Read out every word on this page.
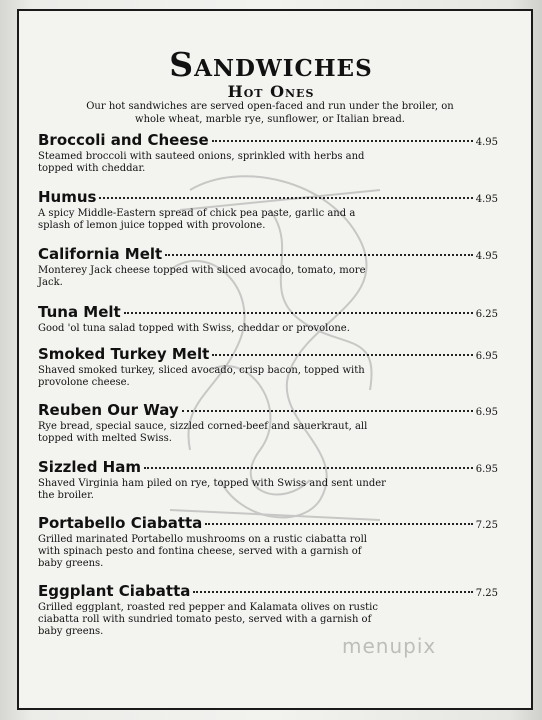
Sandwiches
Hot Ones
Our hot sandwiches are served open-faced and run under the broiler, on whole wheat, marble rye, sunflower, or Italian bread.
Broccoli and Cheese	4.95
Steamed broccoli with sauteed onions, sprinkled with herbs and topped with cheddar.
Humus	4.95
A spicy Middle-Eastern spread of chick pea paste, garlic and a splash of lemon juice topped with provolone.
California Melt	4.95
Monterey Jack cheese topped with sliced avocado, tomato, more Jack.
Tuna Melt	6.25
Good 'ol tuna salad topped with Swiss, cheddar or provolone.
Smoked Turkey Melt	6.95
Shaved smoked turkey, sliced avocado, crisp bacon, topped with provolone cheese.
Reuben Our Way	6.95
Rye bread, special sauce, sizzled corned-beef and sauerkraut, all topped with melted Swiss.
Sizzled Ham	6.95
Shaved Virginia ham piled on rye, topped with Swiss and sent under the broiler.
Portabello Ciabatta	7.25
Grilled marinated Portabello mushrooms on a rustic ciabatta roll with spinach pesto and fontina cheese, served with a garnish of baby greens.
Eggplant Ciabatta	7.25
Grilled eggplant, roasted red pepper and Kalamata olives on rustic ciabatta roll with sundried tomato pesto, served with a garnish of baby greens.
menupix
